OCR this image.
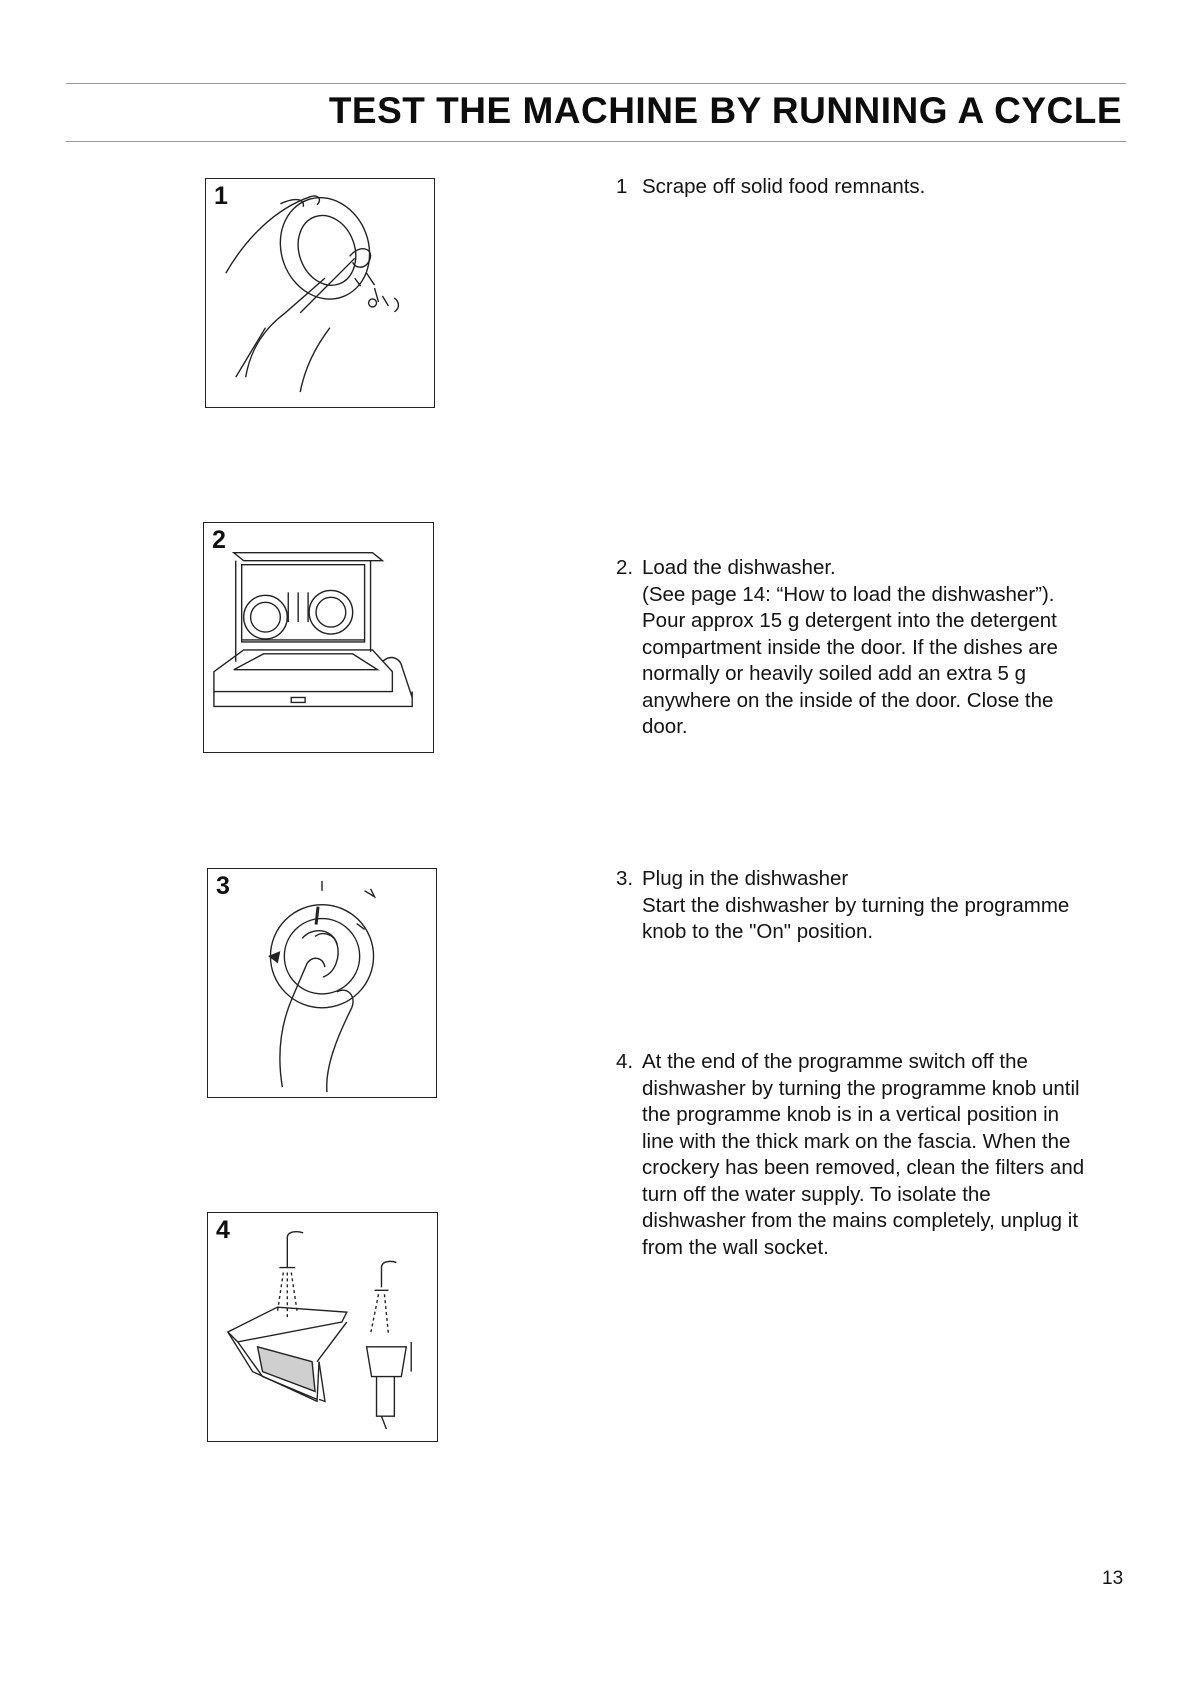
TEST THE MACHINE BY RUNNING A CYCLE
1
2
3
4
1 Scrape off solid food remnants.

2. Load the dishwasher.

(See page 14: “How to load the dishwasher”).

Pour approx 15 g detergent into the detergent

compartment inside the door. If the dishes are

normally or heavily soiled add an extra 5 g

anywhere on the inside of the door. Close the

door.

3. Plug in the dishwasher

Start the dishwasher by turning the programme

knob to the "On" position.

4. At the end of the programme switch off the

dishwasher by turning the programme knob until

the programme knob is in a vertical position in

line with the thick mark on the fascia. When the

crockery has been removed, clean the filters and

turn off the water supply. To isolate the

dishwasher from the mains completely, unplug it

from the wall socket.

13
